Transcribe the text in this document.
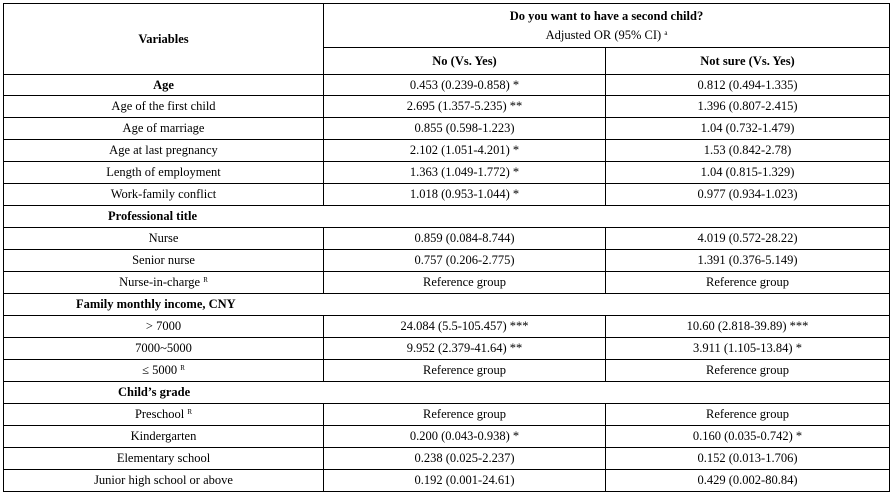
Variables	Do you want to have a second child?
Adjusted OR (95% CI) $^a$

	No (Vs. Yes)	Not sure (Vs. Yes)
Age	0.453 (0.239-0.858) *	0.812 (0.494-1.335)
Age of the first child	2.695 (1.357-5.235) **	1.396 (0.807-2.415)
Age of marriage	0.855 (0.598-1.223)	1.04 (0.732-1.479)
Age at last pregnancy	2.102 (1.051-4.201) *	1.53 (0.842-2.78)
Length of employment	1.363 (1.049-1.772) *	1.04 (0.815-1.329)
Work-family conflict	1.018 (0.953-1.044) *	0.977 (0.934-1.023)
Professional title		
Nurse	0.859 (0.084-8.744)	4.019 (0.572-28.22)
Senior nurse	0.757 (0.206-2.775)	1.391 (0.376-5.149)
Nurse-in-charge $^R$	Reference group	Reference group
Family monthly income, CNY		
> 7000	24.084 (5.5-105.457) ***	10.60 (2.818-39.89) ***
7000~5000	9.952 (2.379-41.64) **	3.911 (1.105-13.84) *
≤ 5000 $^R$	Reference group	Reference group
Child’s grade		
Preschool $^R$	Reference group	Reference group
Kindergarten	0.200 (0.043-0.938) *	0.160 (0.035-0.742) *
Elementary school	0.238 (0.025-2.237)	0.152 (0.013-1.706)
Junior high school or above	0.192 (0.001-24.61)	0.429 (0.002-80.84)
